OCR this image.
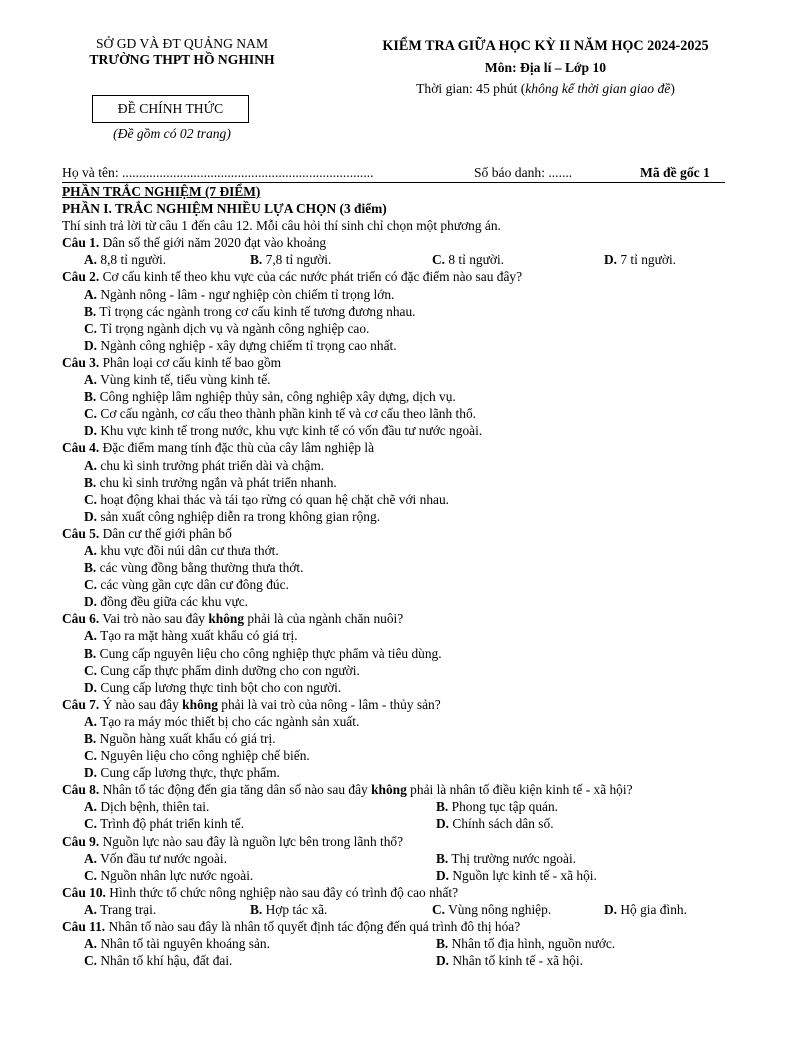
SỞ GD VÀ ĐT QUẢNG NAM
TRƯỜNG THPT HỒ NGHINH
KIỂM TRA GIỮA HỌC KỲ II NĂM HỌC 2024-2025
Môn: Địa lí – Lớp 10
Thời gian: 45 phút (không kể thời gian giao đề)
ĐỀ CHÍNH THỨC
(Đề gồm có 02 trang)
Họ và tên: ..........................................................................	Số báo danh: .......	Mã đề gốc 1
PHẦN TRẮC NGHIỆM (7 ĐIỂM)
PHẦN I. TRẮC NGHIỆM NHIỀU LỰA CHỌN (3 điểm)
Thí sinh trả lời từ câu 1 đến câu 12. Mỗi câu hỏi thí sinh chỉ chọn một phương án.
Câu 1. Dân số thế giới năm 2020 đạt vào khoảng
A. 8,8 tỉ người.	B. 7,8 tỉ người.	C. 8 tỉ người.	D. 7 tỉ người.
Câu 2. Cơ cấu kinh tế theo khu vực của các nước phát triển có đặc điểm nào sau đây?
A. Ngành nông - lâm - ngư nghiệp còn chiếm tỉ trọng lớn.
B. Tỉ trọng các ngành trong cơ cấu kinh tế tương đương nhau.
C. Tỉ trọng ngành dịch vụ và ngành công nghiệp cao.
D. Ngành công nghiệp - xây dựng chiếm tỉ trọng cao nhất.
Câu 3. Phân loại cơ cấu kinh tế bao gồm
A. Vùng kinh tế, tiểu vùng kinh tế.
B. Công nghiệp lâm nghiệp thủy sản, công nghiệp xây dựng, dịch vụ.
C. Cơ cấu ngành, cơ cấu theo thành phần kinh tế và cơ cấu theo lãnh thổ.
D. Khu vực kinh tế trong nước, khu vực kinh tế có vốn đầu tư nước ngoài.
Câu 4. Đặc điểm mang tính đặc thù của cây lâm nghiệp là
A. chu kì sinh trưởng phát triển dài và chậm.
B. chu kì sinh trưởng ngắn và phát triển nhanh.
C. hoạt động khai thác và tái tạo rừng có quan hệ chặt chẽ với nhau.
D. sản xuất công nghiệp diễn ra trong không gian rộng.
Câu 5. Dân cư thế giới phân bố
A. khu vực đồi núi dân cư thưa thớt.
B. các vùng đồng bằng thường thưa thớt.
C. các vùng gần cực dân cư đông đúc.
D. đồng đều giữa các khu vực.
Câu 6. Vai trò nào sau đây không phải là của ngành chăn nuôi?
A. Tạo ra mặt hàng xuất khẩu có giá trị.
B. Cung cấp nguyên liệu cho công nghiệp thực phẩm và tiêu dùng.
C. Cung cấp thực phẩm dinh dưỡng cho con người.
D. Cung cấp lương thực tinh bột cho con người.
Câu 7. Ý nào sau đây không phải là vai trò của nông - lâm - thủy sản?
A. Tạo ra máy móc thiết bị cho các ngành sản xuất.
B. Nguồn hàng xuất khẩu có giá trị.
C. Nguyên liệu cho công nghiệp chế biến.
D. Cung cấp lương thực, thực phẩm.
Câu 8. Nhân tố tác động đến gia tăng dân số nào sau đây không phải là nhân tố điều kiện kinh tế - xã hội?
A. Dịch bệnh, thiên tai.	B. Phong tục tập quán.
C. Trình độ phát triển kinh tế.	D. Chính sách dân số.
Câu 9. Nguồn lực nào sau đây là nguồn lực bên trong lãnh thổ?
A. Vốn đầu tư nước ngoài.	B. Thị trường nước ngoài.
C. Nguồn nhân lực nước ngoài.	D. Nguồn lực kinh tế - xã hội.
Câu 10. Hình thức tổ chức nông nghiệp nào sau đây có trình độ cao nhất?
A. Trang trại.	B. Hợp tác xã.	C. Vùng nông nghiệp.	D. Hộ gia đình.
Câu 11. Nhân tố nào sau đây là nhân tố quyết định tác động đến quá trình đô thị hóa?
A. Nhân tố tài nguyên khoáng sản.	B. Nhân tố địa hình, nguồn nước.
C. Nhân tố khí hậu, đất đai.	D. Nhân tố kinh tế - xã hội.
